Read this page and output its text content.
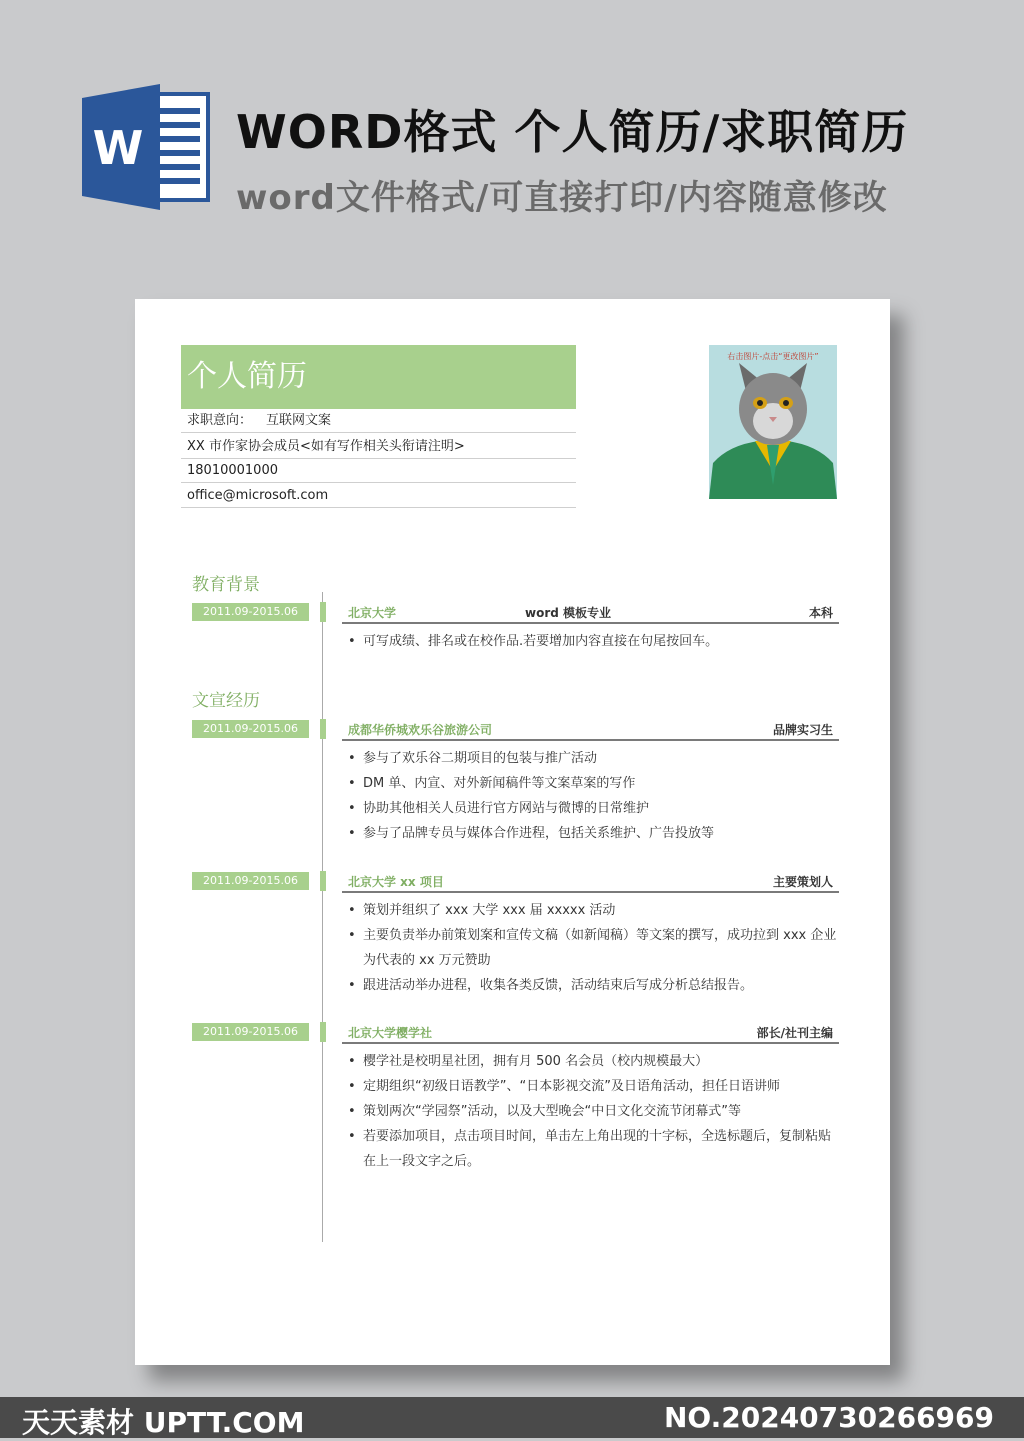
W WORD格式 个人简历/求职简历
word文件格式/可直接打印/内容随意修改
个人简历
求职意向： 互联网文案
XX 市作家协会成员<如有写作相关头衔请注明>
18010001000
office@microsoft.com
右击图片-点击“更改图片”
教育背景
2011.09-2015.06	北京大学	word 模板专业	本科
• 可写成绩、排名或在校作品.若要增加内容直接在句尾按回车。
文宣经历
2011.09-2015.06	成都华侨城欢乐谷旅游公司	品牌实习生
• 参与了欢乐谷二期项目的包装与推广活动
• DM 单、内宣、对外新闻稿件等文案草案的写作
• 协助其他相关人员进行官方网站与微博的日常维护
• 参与了品牌专员与媒体合作进程，包括关系维护、广告投放等
2011.09-2015.06	北京大学 xx 项目	主要策划人
• 策划并组织了 xxx 大学 xxx 届 xxxxx 活动
• 主要负责举办前策划案和宣传文稿（如新闻稿）等文案的撰写，成功拉到 xxx 企业为代表的 xx 万元赞助
• 跟进活动举办进程，收集各类反馈，活动结束后写成分析总结报告。
2011.09-2015.06	北京大学樱学社	部长/社刊主编
• 樱学社是校明星社团，拥有月 500 名会员（校内规模最大）
• 定期组织“初级日语教学”、“日本影视交流”及日语角活动，担任日语讲师
• 策划两次“学园祭”活动，以及大型晚会“中日文化交流节闭幕式”等
• 若要添加项目，点击项目时间，单击左上角出现的十字标，全选标题后，复制粘贴在上一段文字之后。
天天素材 UPTT.COM	NO.20240730266969
